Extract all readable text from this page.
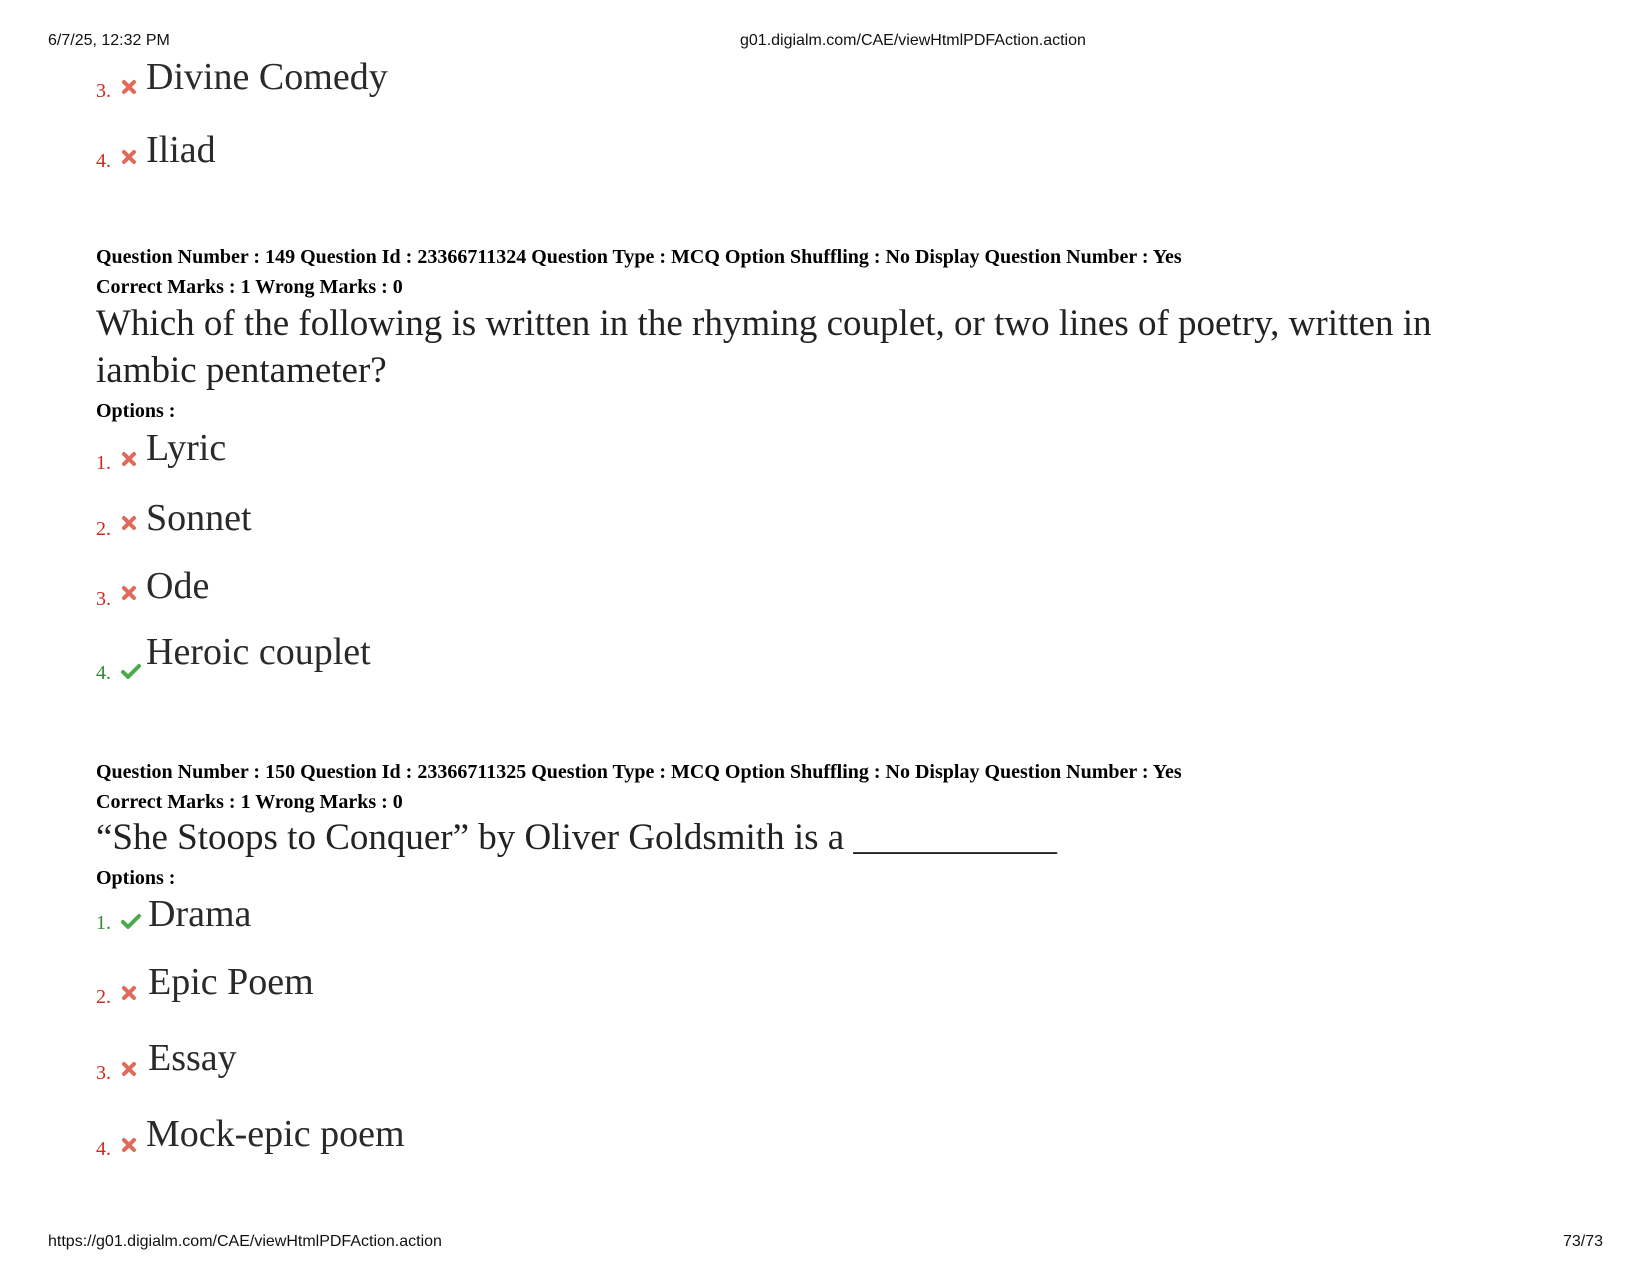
6/7/25, 12:32 PM	g01.digialm.com/CAE/viewHtmlPDFAction.action
3. Divine Comedy
4. Iliad
Question Number : 149 Question Id : 23366711324 Question Type : MCQ Option Shuffling : No Display Question Number : Yes
Correct Marks : 1 Wrong Marks : 0
Which of the following is written in the rhyming couplet, or two lines of poetry, written in iambic pentameter?
Options :
1. Lyric
2. Sonnet
3. Ode
4. Heroic couplet
Question Number : 150 Question Id : 23366711325 Question Type : MCQ Option Shuffling : No Display Question Number : Yes
Correct Marks : 1 Wrong Marks : 0
“She Stoops to Conquer” by Oliver Goldsmith is a ___________
Options :
1. Drama
2. Epic Poem
3. Essay
4. Mock-epic poem
https://g01.digialm.com/CAE/viewHtmlPDFAction.action	73/73
